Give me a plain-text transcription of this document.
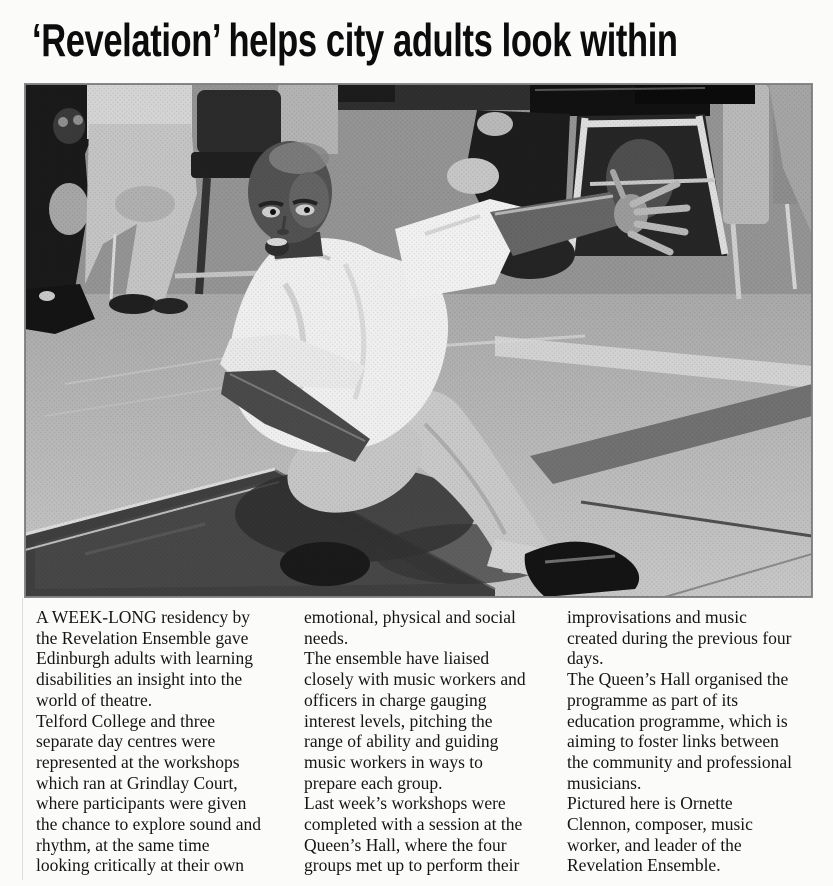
‘Revelation’ helps city adults look within
A WEEK-LONG residency by
the Revelation Ensemble gave
Edinburgh adults with learning
disabilities an insight into the
world of theatre.
Telford College and three
separate day centres were
represented at the workshops
which ran at Grindlay Court,
where participants were given
the chance to explore sound and
rhythm, at the same time
looking critically at their own
emotional, physical and social
needs.
The ensemble have liaised
closely with music workers and
officers in charge gauging
interest levels, pitching the
range of ability and guiding
music workers in ways to
prepare each group.
Last week’s workshops were
completed with a session at the
Queen’s Hall, where the four
groups met up to perform their
improvisations and music
created during the previous four
days.
The Queen’s Hall organised the
programme as part of its
education programme, which is
aiming to foster links between
the community and professional
musicians.
Pictured here is Ornette
Clennon, composer, music
worker, and leader of the
Revelation Ensemble.
